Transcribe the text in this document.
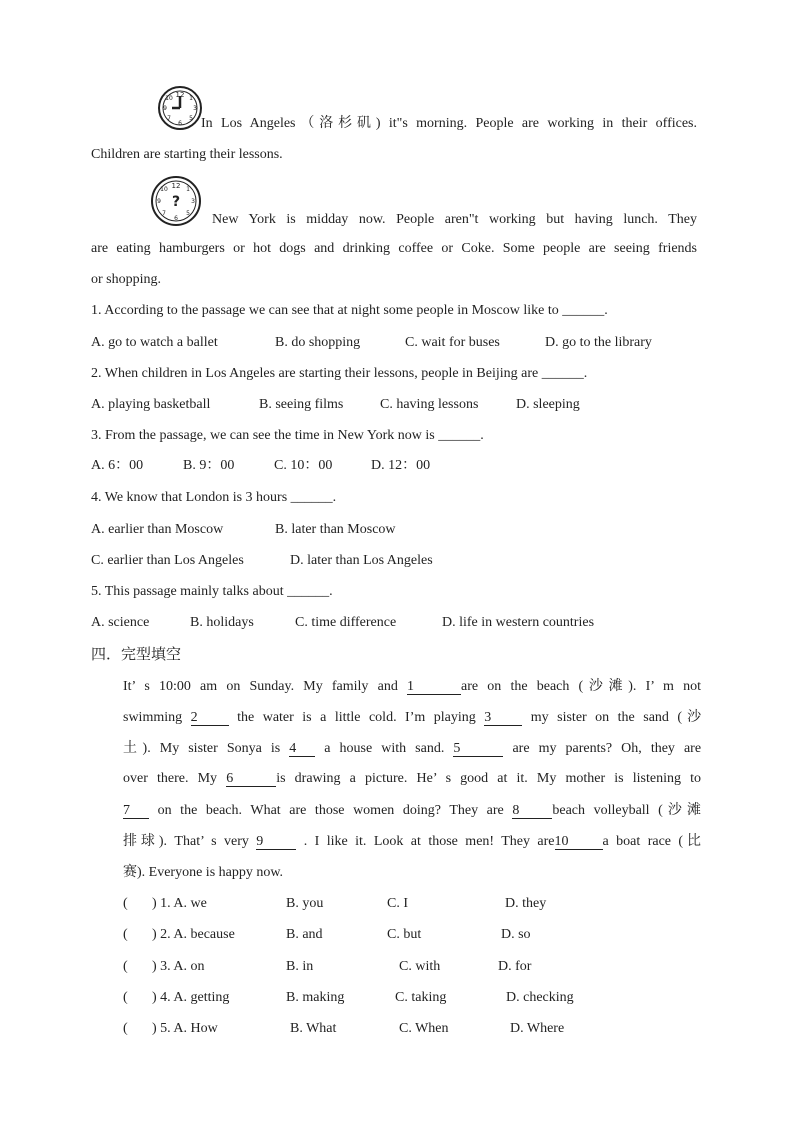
12 1
3
5
6
7
9
10
12 1
3
5
6
7
9
10
?
In Los Angeles（洛杉矶) it"s morning. People are working in their offices.
Children are starting their lessons.
New York is midday now. People aren"t working but having lunch. They
are eating hamburgers or hot dogs and drinking coffee or Coke. Some people are seeing friends
or shopping.
1. According to the passage we can see that at night some people in Moscow like to ______.
A. go to watch a ballet	B. do shopping	C. wait for buses	D. go to the library
2. When children in Los Angeles are starting their lessons, people in Beijing are ______.
A. playing basketball	B. seeing films	C. having lessons	D. sleeping
3. From the passage, we can see the time in New York now is ______.
A. 6：00	B. 9：00	C. 10：00	D. 12：00
4. We know that London is 3 hours ______.
A. earlier than Moscow	B. later than Moscow
C. earlier than Los Angeles	D. later than Los Angeles
5. This passage mainly talks about ______.
A. science	B. holidays	C. time difference	D. life in western countries
四．完型填空
It’ s 10:00 am on Sunday. My family and 1	are on the beach (沙滩). I’ m not
swimming 2	the water is a little cold. I’m playing 3	my sister on the sand (沙
土). My sister Sonya is 4 a house with sand. 5	are my parents? Oh, they are
over there. My 6	is drawing a picture. He’ s good at it. My mother is listening to
7 on the beach. What are those women doing? They are 8 beach volleyball (沙滩
排球). That’ s very 9	. I like it. Look at those men! They are10 a boat race (比
赛). Everyone is happy now.
( ) 1. A. we	B. you	C. I	D. they
( ) 2. A. because	B. and	C. but	D. so
( ) 3. A. on	B. in	C. with	D. for
( ) 4. A. getting	B. making	C. taking	D. checking
( ) 5. A. How	B. What	C. When	D. Where
